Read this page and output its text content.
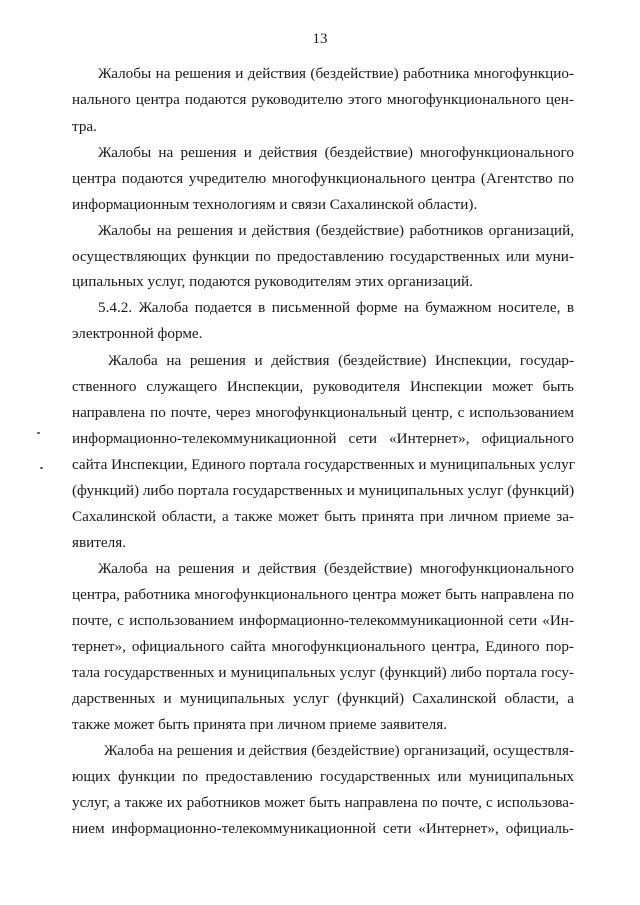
13
Жалобы на решения и действия (бездействие) работника многофункцио-
нального центра подаются руководителю этого многофункционального цен-
тра.
Жалобы на решения и действия (бездействие) многофункционального
центра подаются учредителю многофункционального центра (Агентство по
информационным технологиям и связи Сахалинской области).
Жалобы на решения и действия (бездействие) работников организаций,
осуществляющих функции по предоставлению государственных или муни-
ципальных услуг, подаются руководителям этих организаций.
5.4.2. Жалоба подается в письменной форме на бумажном носителе, в
электронной форме.
Жалоба на решения и действия (бездействие) Инспекции, государ-
ственного служащего Инспекции, руководителя Инспекции может быть
направлена по почте, через многофункциональный центр, с использованием
информационно-телекоммуникационной сети «Интернет», официального
сайта Инспекции, Единого портала государственных и муниципальных услуг
(функций) либо портала государственных и муниципальных услуг (функций)
Сахалинской области, а также может быть принята при личном приеме за-
явителя.
Жалоба на решения и действия (бездействие) многофункционального
центра, работника многофункционального центра может быть направлена по
почте, с использованием информационно-телекоммуникационной сети «Ин-
тернет», официального сайта многофункционального центра, Единого пор-
тала государственных и муниципальных услуг (функций) либо портала госу-
дарственных и муниципальных услуг (функций) Сахалинской области, а
также может быть принята при личном приеме заявителя.
Жалоба на решения и действия (бездействие) организаций, осуществля-
ющих функции по предоставлению государственных или муниципальных
услуг, а также их работников может быть направлена по почте, с использова-
нием информационно-телекоммуникационной сети «Интернет», официаль-
